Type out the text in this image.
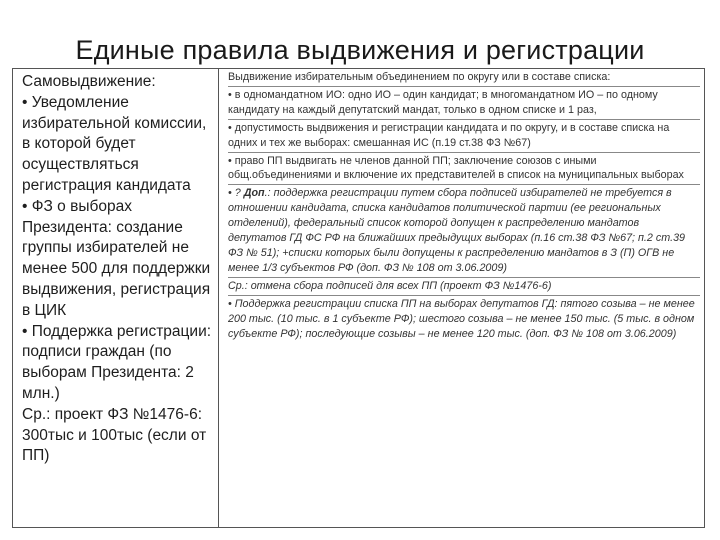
Единые правила выдвижения и регистрации

Самовыдвижение:

• Уведомление избирательной комиссии, в которой будет осуществляться регистрация кандидата

• ФЗ о выборах Президента: создание группы избирателей не менее 500 для поддержки выдвижения, регистрация в ЦИК

• Поддержка регистрации: подписи граждан (по выборам Президента: 2 млн.)

Ср.: проект ФЗ №1476-6: 300тыс и 100тыс (если от ПП)

Выдвижение избирательным объединением по округу или в составе списка:
• в одномандатном ИО: одно ИО – один кандидат; в многомандатном ИО – по одному кандидату на каждый депутатский мандат, только в одном списке и 1 раз,
• допустимость выдвижения и регистрации кандидата и по округу, и в составе списка на одних и тех же выборах: смешанная ИС (п.19 ст.38 ФЗ №67)
• право ПП выдвигать не членов данной ПП; заключение союзов с иными общ.объединениями и включение их представителей в список на муниципальных выборах
• ? Доп.: поддержка регистрации путем сбора подписей избирателей не требуется в отношении кандидата, списка кандидатов политической партии (ее региональных отделений), федеральный список которой допущен к распределению мандатов депутатов ГД ФС РФ на ближайших предыдущих выборах (п.16 ст.38 ФЗ №67; п.2 ст.39 ФЗ № 51); +списки которых были допущены к распределению мандатов в З (П) ОГВ не менее 1/3 субъектов РФ (доп. ФЗ № 108 от 3.06.2009)
Ср.: отмена сбора подписей для всех ПП (проект ФЗ №1476-6)
• Поддержка регистрации списка ПП на выборах депутатов ГД: пятого созыва – не менее 200 тыс. (10 тыс. в 1 субъекте РФ); шестого созыва – не менее 150 тыс. (5 тыс. в одном субъекте РФ); последующие созывы – не менее 120 тыс. (доп. ФЗ № 108 от 3.06.2009)
